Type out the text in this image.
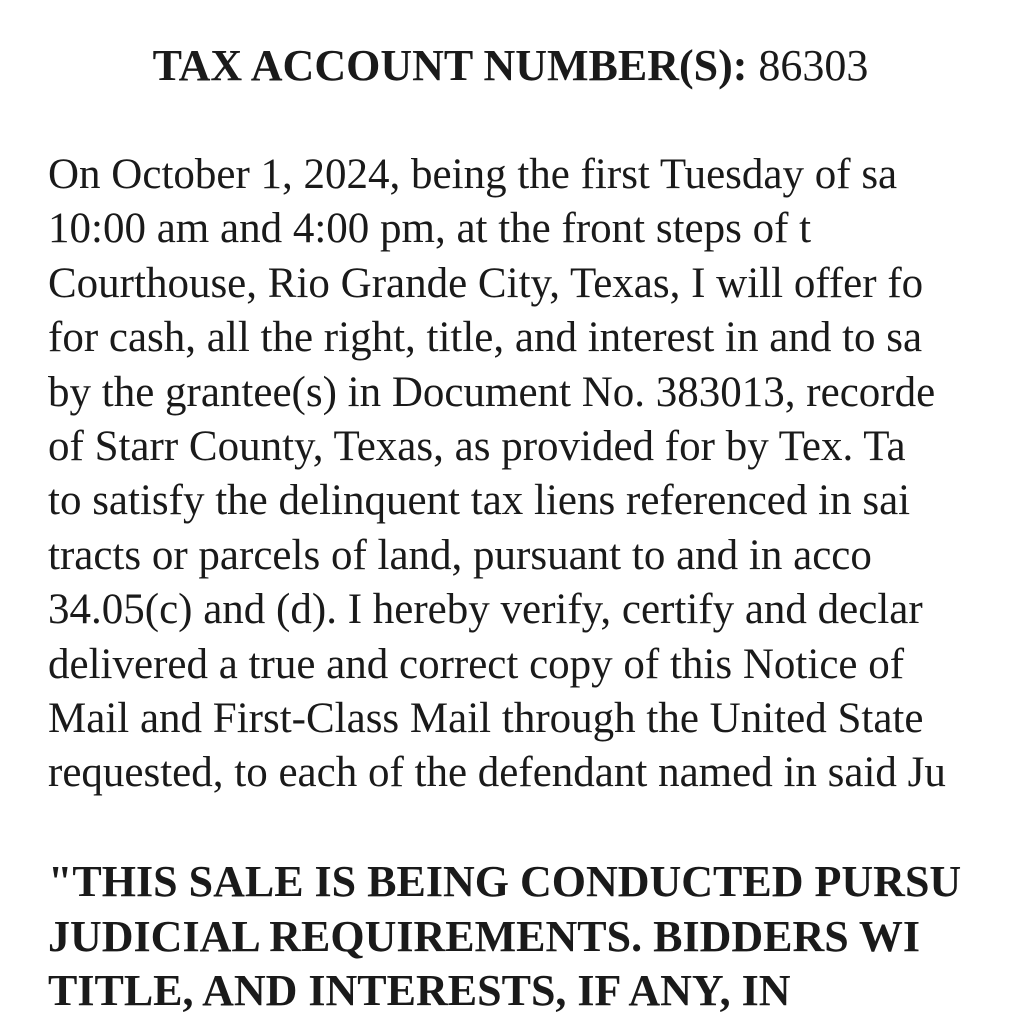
TAX ACCOUNT NUMBER(S): 86303
On October 1, 2024, being the first Tuesday of sa
10:00 am and 4:00 pm, at the front steps of t
Courthouse, Rio Grande City, Texas, I will offer fo
for cash, all the right, title, and interest in and to sa
by the grantee(s) in Document No. 383013, recorde
of Starr County, Texas, as provided for by Tex. Ta
to satisfy the delinquent tax liens referenced in sai
tracts or parcels of land, pursuant to and in acco
34.05(c) and (d). I hereby verify, certify and declar
delivered a true and correct copy of this Notice of
Mail and First-Class Mail through the United State
requested, to each of the defendant named in said Ju
"THIS SALE IS BEING CONDUCTED PURSU
JUDICIAL REQUIREMENTS. BIDDERS WI
TITLE, AND INTERESTS, IF ANY, IN
